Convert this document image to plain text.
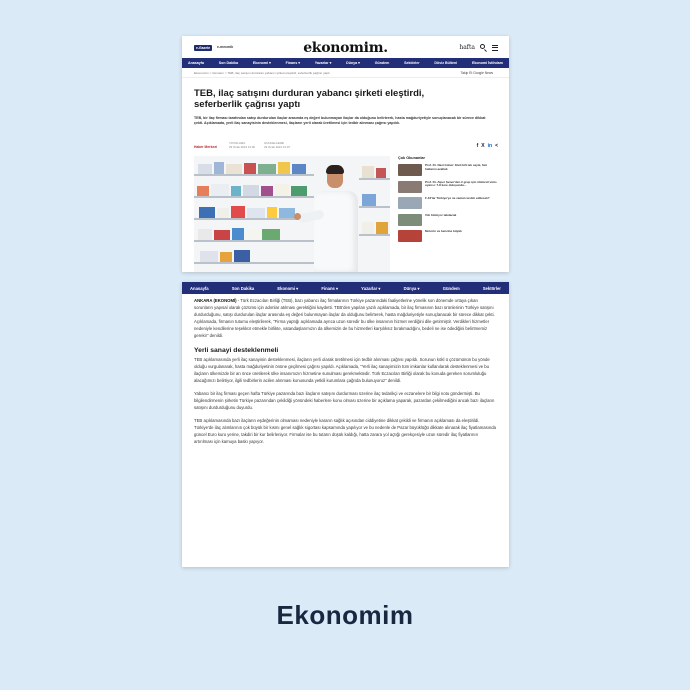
e-Gazete	e-mecmik	ekonomim.	hafta
Anasayfa	Son Dakika	Ekonomi ▾	Finans ▾	Yazarlar ▾	Dünya ▾	Gündem	Sektörler	Döviz Bülteni	Ekonomi İstihdam
Ekonomim > Gündem > TEB, ilaç satışını durduran yabancı şirketi eleştirdi, seferberlik çağrısı yaptı	Takip Et Google News
TEB, ilaç satışını durduran yabancı şirketi eleştirdi, seferberlik çağrısı yaptı

TEB, bir ilaç firması tarafından satışı durdurulan ilaçlar arasında eş değeri bulunmayan ilaçlar da olduğunu belirterek, hasta mağduriyetiyle sonuçlanacak bir sürece dikkat çekti. Açıklamada, yerli ilaç sanayisinin desteklenmesi, ilaçların yerli olarak üretilmesi için tedbir alınması çağrısı yapıldı.

Haber Merkezi
YAYINLAMA
29 Ocak 2024 13:00
GÜNCELLEME
29 Ocak 2024 13:07	f X in <
Çok Okunanlar
Prof. Dr. Nazi Güner: Eleti bilt tek sayılı, faiz hatlarını azaltalı
Prof. Dr. Alper Şener'den 2 grup için ölümcül virüs uyarısı: 7-8 kere duluşunda...
F-16'lar Türkiye'ye ne zaman teslim edilecek?
Vizi bitmiyor takılacak
Motorin ve benzine büyük
Anasayfa	Son Dakika	Ekonomi ▾	Finans ▾	Yazarlar ▾	Dünya ▾	Gündem	Sektörler

ANKARA (EKONOMİ) - Türk Eczacıları Birliği (TEB), bazı yabancı ilaç firmalarının Türkiye pazarındaki faaliyetlerine yönelik son dönemde ortaya çıkan sorunların yapısal olarak çözümü için adımlar atılması gerektiğini kaydetti. TEB'den yapılan yazılı açıklamada, bir ilaç firmasının bazı ürünlerinin Türkiye satışını durdurduğunu, satışı durdurulan ilaçlar arasında eş değeri bulunmayan ilaçlar da olduğunu belirterek, hasta mağduriyetiyle sonuçlanacak bir sürece dikkat çekti. Açıklamada, firmanın tutumu eleştirilerek, "Firma yaptığı açıklamada ayrıca uzun süredir bu ülke insanının hizmet verdiğini dile getirmiştir. Verdikleri hizmetler nedeniyle kendilerine teşekkür etmekle birlikte, vatandaşlarımızın da ülkemizin de bu hizmetleri karşılıksız bırakmadığını, bedeli ne ise ödediğini belirtmemiz gerekir" denildi.

Yerli sanayi desteklenmeli

TEB açıklamasında yerli ilaç sanayinin desteklenmesi, ilaçların yerli olarak üretilmesi için tedbir alınması çağrısı yapıldı. Sorunun kökl ü çözümünün bu yönde olduğu vurgulanarak, hasta mağduriyetinin önüne geçilmesi çağrısı yapıldı. Açıklamada, "Yerli ilaç sanayimizin tüm imkanlar kullanılarak desteklenmesi ve bu ilaçların ülkemizde bir an önce üretilerek ülke insanımızın hizmetine sunulması gerekmektedir. Türk Eczacıları Birliği olarak bu konuda gereken sorumluluğu alacağımızı belirtiyor, ilgili tedbirlerin acilen alınması konusunda yetkili kurumlara çağrıda bulunuyoruz" denildi.

Yabancı bir ilaç firması geçen hafta Türkiye pazarında bazı ilaçların satışını durdurması üzerine ilaç tedarikçi ve eczanelere bir bilgi notu göndermişti. Bu bilgilendirmenin şirketin Türkiye pazarından çekildiği yönündeki haberlere konu olması üzerine bir açıklama yaparak, pazardan çekilmediğini ancak bazı ilaçların satışını durdurduğunu duyurdu.

TEB açıklamasında bazı ilaçların eşdeğerinin olmaması nedeniyle kararın sağlık açısından ciddiyetine dikkat çekildi ve firmanın açıklaması da eleştirildi. Türkiye'de ilaç alımlarının çok büyük bir kısmı genel sağlık sigortası kapsamında yapılıyor ve bu nedenle de Pazar büyüklüğü dikkate alınarak ilaç fiyatlamasında güncel Euro kuru yerine, takdiri bir kur belirleniyor. Firmalar ise bu tutarın düşük kaldığı, hatta zarara yol açtığı gerekçesiyle uzun süredir ilaç fiyatlarının artırılması için kamuya baskı yapıyor.

Ekonomim
